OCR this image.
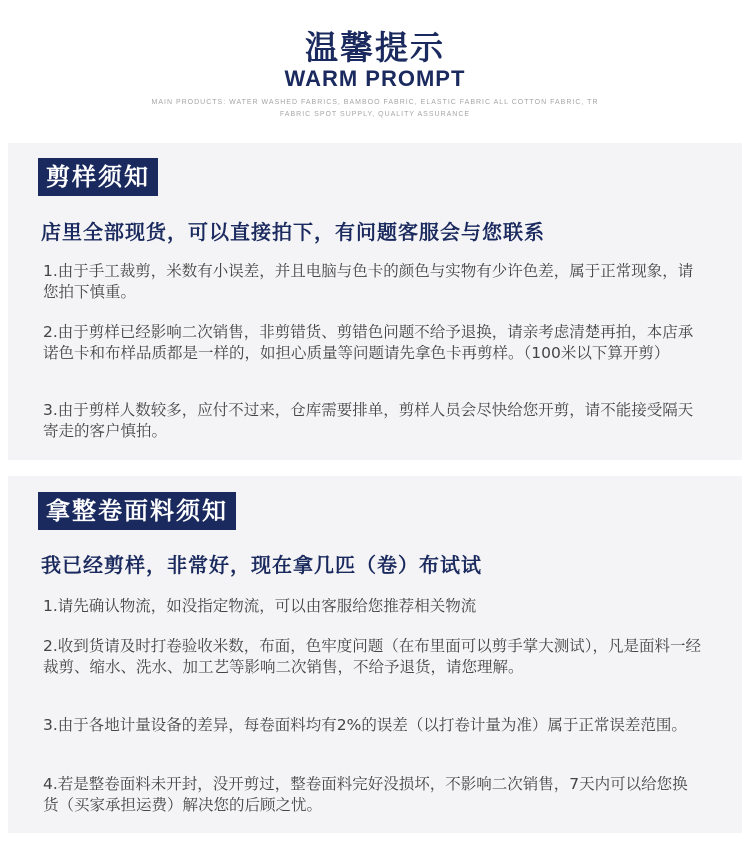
温馨提示
WARM PROMPT
MAIN PRODUCTS: WATER WASHED FABRICS, BAMBOO FABRIC, ELASTIC FABRIC ALL COTTON FABRIC, TR FABRIC SPOT SUPPLY, QUALITY ASSURANCE
剪样须知
店里全部现货，可以直接拍下，有问题客服会与您联系
1.由于手工裁剪，米数有小误差，并且电脑与色卡的颜色与实物有少许色差，属于正常现象，请您拍下慎重。
2.由于剪样已经影响二次销售，非剪错货、剪错色问题不给予退换，请亲考虑清楚再拍，本店承诺色卡和布样品质都是一样的，如担心质量等问题请先拿色卡再剪样。（100米以下算开剪）
3.由于剪样人数较多，应付不过来，仓库需要排单，剪样人员会尽快给您开剪，请不能接受隔天寄走的客户慎拍。
拿整卷面料须知
我已经剪样，非常好，现在拿几匹（卷）布试试
1.请先确认物流，如没指定物流，可以由客服给您推荐相关物流
2.收到货请及时打卷验收米数，布面，色牢度问题（在布里面可以剪手掌大测试），凡是面料一经裁剪、缩水、洗水、加工艺等影响二次销售，不给予退货，请您理解。
3.由于各地计量设备的差异，每卷面料均有2%的误差（以打卷计量为准）属于正常误差范围。
4.若是整卷面料未开封，没开剪过，整卷面料完好没损坏，不影响二次销售，7天内可以给您换货（买家承担运费）解决您的后顾之忧。
